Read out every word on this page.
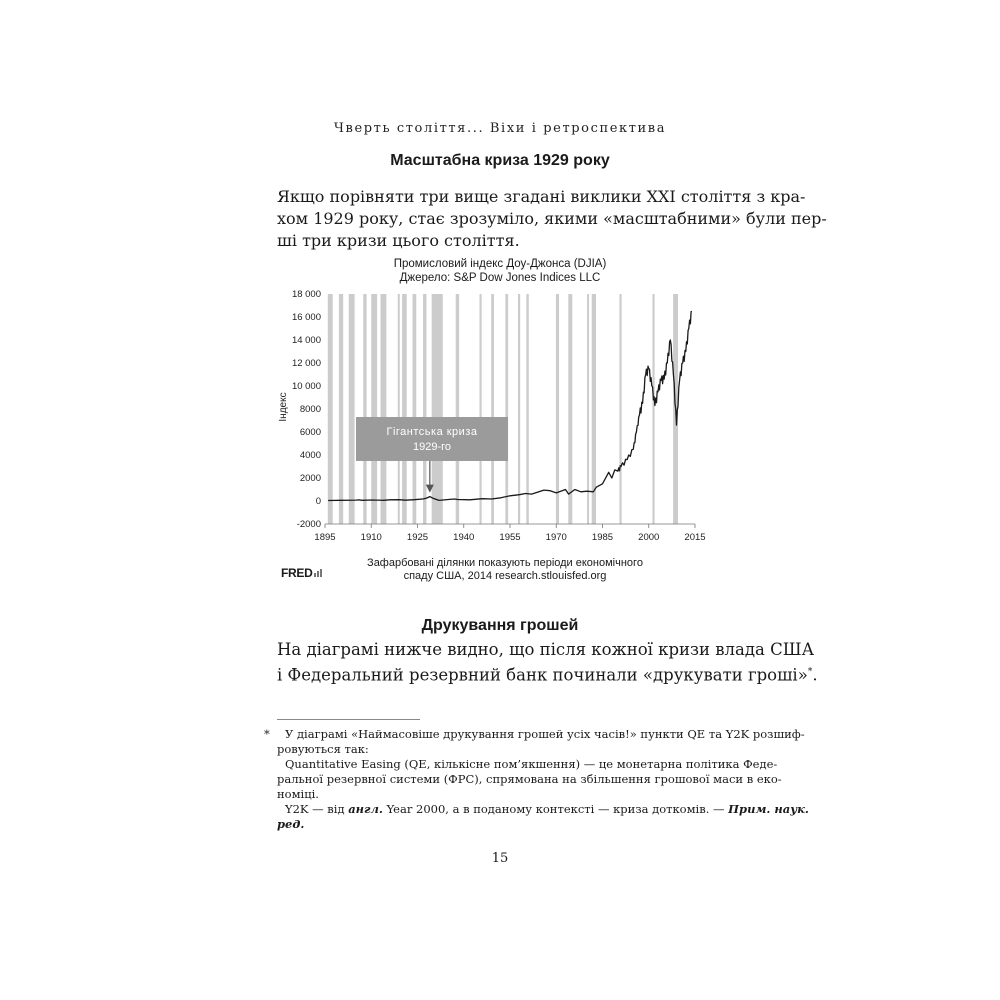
Чверть століття... Віхи і ретроспектива
Масштабна криза 1929 року
Якщо порівняти три вище згадані виклики XXI століття з кра-
хом 1929 року, стає зрозуміло, якими «масштабними» були пер-
ші три кризи цього століття.
Промисловий індекс Доу-Джонса (DJIA)
Джерело: S&P Dow Jones Indices LLC
1895	1910	1925	1940	1955	1970	1985	2000	2015
18 000
16 000
14 000
12 000
10 000
8000
6000
4000
2000
0
-2000
Індекс
Гігантська криза
1929-го
FRED
Зафарбовані ділянки показують періоди економічного
спаду США, 2014 research.stlouisfed.org
Друкування грошей
На діаграмі нижче видно, що після кожної кризи влада США
і Федеральний резервний банк починали «друкувати гроші»*.
*	У діаграмі «Наймасовіше друкування грошей усіх часів!» пункти QE та Y2K розшиф-
ровуються так:
Quantitative Easing (QE, кількісне пом’якшення) — це монетарна політика Феде-
ральної резервної системи (ФРС), спрямована на збільшення грошової маси в еко-
номіці.
Y2K — від англ. Year 2000, а в поданому контексті — криза доткомів. — Прим. наук.
ред.
15
